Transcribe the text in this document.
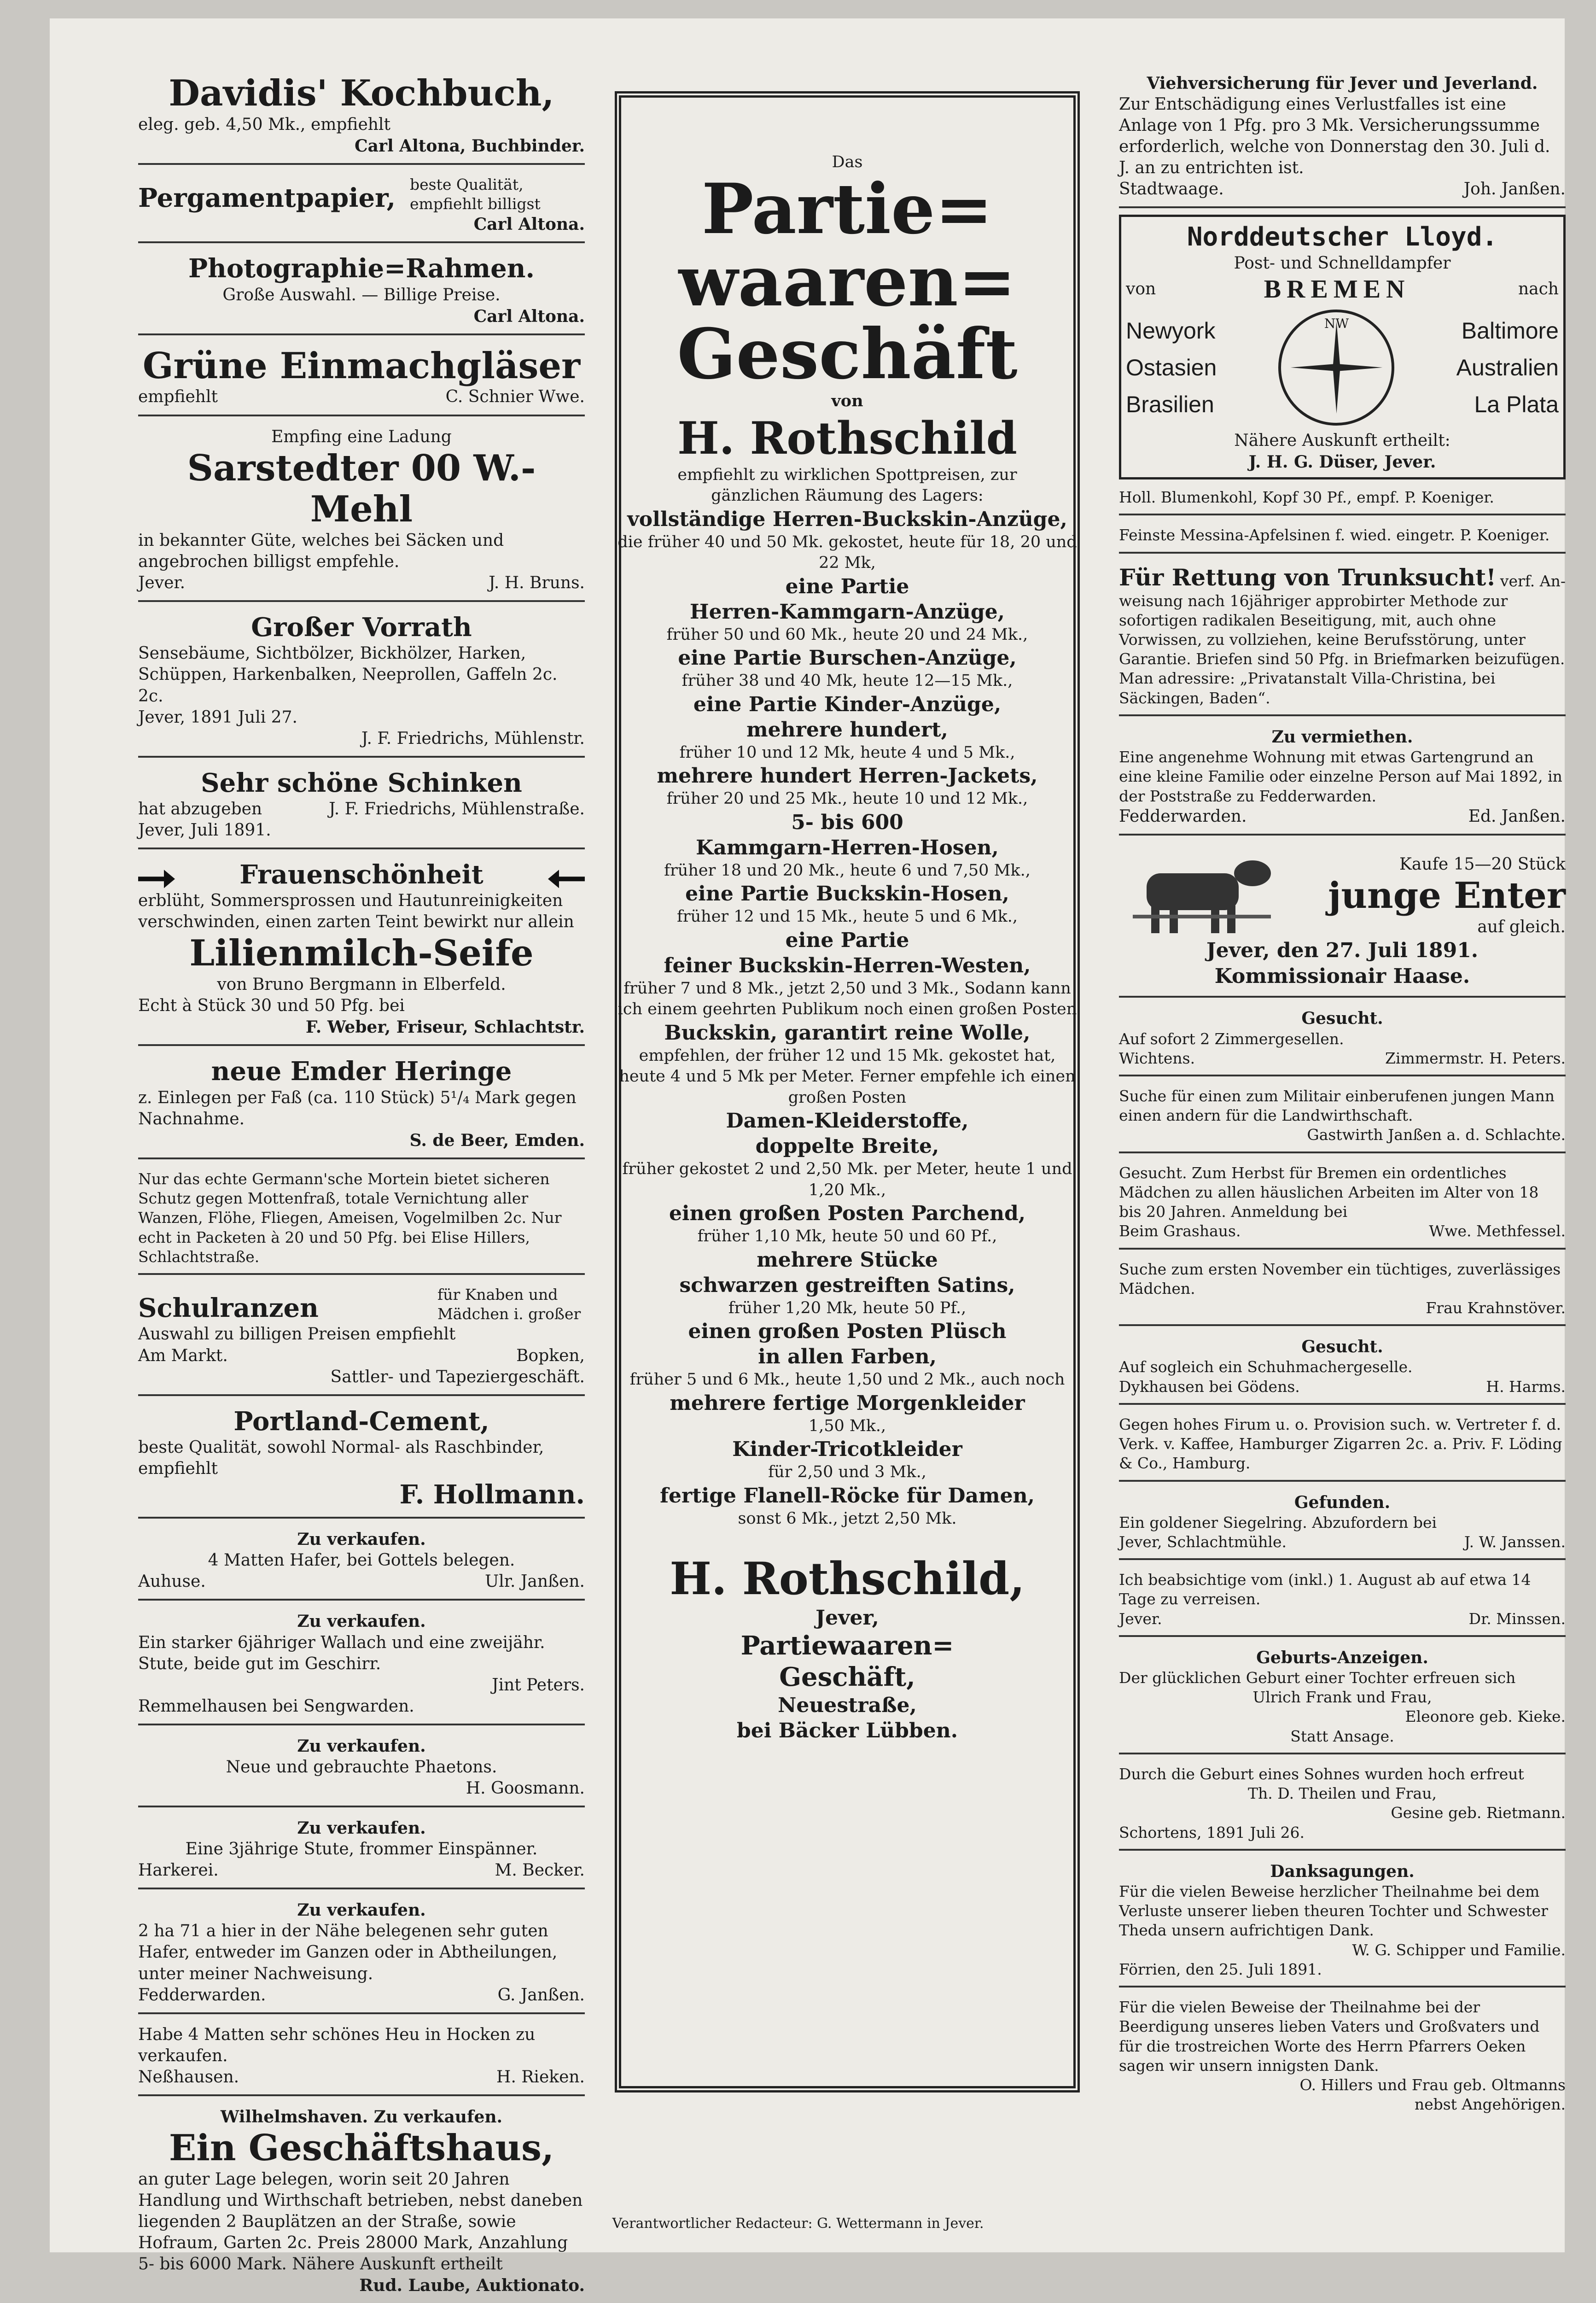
Davidis' Kochbuch,
eleg. geb. 4,50 Mk., empfiehlt
Carl Altona, Buchbinder.
Pergamentpapier, beste Qualität, empfiehlt billigst
Carl Altona.
Photographie=Rahmen.
Große Auswahl. — Billige Preise.
Carl Altona.
Grüne Einmachgläser
empfiehlt	C. Schnier Wwe.
Empfing eine Ladung
Sarstedter 00 W.-Mehl
in bekannter Güte, welches bei Säcken und angebrochen billigst empfehle.
Jever.	J. H. Bruns.
Großer Vorrath
Sensebäume, Sichtbölzer, Bickhölzer, Harken, Schüppen, Harkenbalken, Neeprollen, Gaffeln 2c. 2c.
Jever, 1891 Juli 27.
J. F. Friedrichs, Mühlenstr.
Sehr schöne Schinken
hat abzugeben	J. F. Friedrichs, Mühlenstraße.
Jever, Juli 1891.
Frauenschönheit
erblüht, Sommersprossen und Hautunreinigkeiten verschwinden, einen zarten Teint bewirkt nur allein
Lilienmilch-Seife
von Bruno Bergmann in Elberfeld.
Echt à Stück 30 und 50 Pfg. bei
F. Weber, Friseur, Schlachtstr.
neue Emder Heringe
z. Einlegen per Faß (ca. 110 Stück) 5¹/₄ Mark gegen Nachnahme.
S. de Beer, Emden.
Nur das echte Germann'sche Mortein bietet sicheren Schutz gegen Mottenfraß, totale Vernichtung aller Wanzen, Flöhe, Fliegen, Ameisen, Vogelmilben 2c. Nur echt in Packeten à 20 und 50 Pfg. bei Elise Hillers, Schlachtstraße.
Schulranzen	für Knaben und Mädchen i. großer
Auswahl zu billigen Preisen empfiehlt
Am Markt.	Bopken,
Sattler- und Tapeziergeschäft.
Portland-Cement,
beste Qualität, sowohl Normal- als Raschbinder, empfiehlt
F. Hollmann.
Zu verkaufen.
4 Matten Hafer, bei Gottels belegen.
Auhuse.	Ulr. Janßen.
Zu verkaufen.
Ein starker 6jähriger Wallach und eine zweijähr. Stute, beide gut im Geschirr.
Jint Peters.
Remmelhausen bei Sengwarden.
Zu verkaufen.
Neue und gebrauchte Phaetons.
H. Goosmann.
Zu verkaufen.
Eine 3jährige Stute, frommer Einspänner.
Harkerei.	M. Becker.
Zu verkaufen.
2 ha 71 a hier in der Nähe belegenen sehr guten Hafer, entweder im Ganzen oder in Abtheilungen, unter meiner Nachweisung.
Fedderwarden.	G. Janßen.
Habe 4 Matten sehr schönes Heu in Hocken zu verkaufen.
Neßhausen.	H. Rieken.
Wilhelmshaven. Zu verkaufen.
Ein Geschäftshaus,
an guter Lage belegen, worin seit 20 Jahren Handlung und Wirthschaft betrieben, nebst daneben liegenden 2 Bauplätzen an der Straße, sowie Hofraum, Garten 2c. Preis 28000 Mark, Anzahlung 5- bis 6000 Mark. Nähere Auskunft ertheilt
Rud. Laube, Auktionato.
Das
Partie=
waaren=
Geschäft
von
H. Rothschild
empfiehlt zu wirklichen Spottpreisen, zur gänzlichen Räumung des Lagers:
vollständige Herren-Buckskin-Anzüge,
die früher 40 und 50 Mk. gekostet, heute für 18, 20 und 22 Mk,
eine Partie
Herren-Kammgarn-Anzüge,
früher 50 und 60 Mk., heute 20 und 24 Mk.,
eine Partie Burschen-Anzüge,
früher 38 und 40 Mk, heute 12—15 Mk.,
eine Partie Kinder-Anzüge,
mehrere hundert,
früher 10 und 12 Mk, heute 4 und 5 Mk.,
mehrere hundert Herren-Jackets,
früher 20 und 25 Mk., heute 10 und 12 Mk.,
5- bis 600
Kammgarn-Herren-Hosen,
früher 18 und 20 Mk., heute 6 und 7,50 Mk.,
eine Partie Buckskin-Hosen,
früher 12 und 15 Mk., heute 5 und 6 Mk.,
eine Partie
feiner Buckskin-Herren-Westen,
früher 7 und 8 Mk., jetzt 2,50 und 3 Mk., Sodann kann ich einem geehrten Publikum noch einen großen Posten
Buckskin, garantirt reine Wolle,
empfehlen, der früher 12 und 15 Mk. gekostet hat, heute 4 und 5 Mk per Meter. Ferner empfehle ich einen großen Posten
Damen-Kleiderstoffe,
doppelte Breite,
früher gekostet 2 und 2,50 Mk. per Meter, heute 1 und 1,20 Mk.,
einen großen Posten Parchend,
früher 1,10 Mk, heute 50 und 60 Pf.,
mehrere Stücke
schwarzen gestreiften Satins,
früher 1,20 Mk, heute 50 Pf.,
einen großen Posten Plüsch
in allen Farben,
früher 5 und 6 Mk., heute 1,50 und 2 Mk., auch noch
mehrere fertige Morgenkleider
1,50 Mk.,
Kinder-Tricotkleider
für 2,50 und 3 Mk.,
fertige Flanell-Röcke für Damen,
sonst 6 Mk., jetzt 2,50 Mk.
H. Rothschild,
Jever,
Partiewaaren=
Geschäft,
Neuestraße,
bei Bäcker Lübben.
Viehversicherung für Jever und Jeverland.
Zur Entschädigung eines Verlustfalles ist eine Anlage von 1 Pfg. pro 3 Mk. Versicherungssumme erforderlich, welche von Donnerstag den 30. Juli d. J. an zu entrichten ist.
Stadtwaage.	Joh. Janßen.
Norddeutscher Lloyd.
Post- und Schnelldampfer
von	BREMEN	nach
Newyork
Ostasien
Brasilien
NW	Baltimore
Australien
La Plata
Nähere Auskunft ertheilt:
J. H. G. Düser, Jever.
Holl. Blumenkohl, Kopf 30 Pf., empf. P. Koeniger.
Feinste Messina-Apfelsinen f. wied. eingetr. P. Koeniger.
Für Rettung von Trunksucht! verf. An-
weisung nach 16jähriger approbirter Methode zur sofortigen radikalen Beseitigung, mit, auch ohne Vorwissen, zu vollziehen, keine Berufsstörung, unter Garantie. Briefen sind 50 Pfg. in Briefmarken beizufügen. Man adressire: „Privatanstalt Villa-Christina, bei Säckingen, Baden“.
Zu vermiethen.
Eine angenehme Wohnung mit etwas Gartengrund an eine kleine Familie oder einzelne Person auf Mai 1892, in der Poststraße zu Fedderwarden.
Fedderwarden.	Ed. Janßen.
Kaufe 15—20 Stück
junge Enter
auf gleich.
Jever, den 27. Juli 1891.
Kommissionair Haase.
Gesucht.
Auf sofort 2 Zimmergesellen.
Wichtens.	Zimmermstr. H. Peters.
Suche für einen zum Militair einberufenen jungen Mann einen andern für die Landwirthschaft.
Gastwirth Janßen a. d. Schlachte.
Gesucht. Zum Herbst für Bremen ein ordentliches Mädchen zu allen häuslichen Arbeiten im Alter von 18 bis 20 Jahren. Anmeldung bei
Beim Grashaus.	Wwe. Methfessel.
Suche zum ersten November ein tüchtiges, zuverlässiges Mädchen.
Frau Krahnstöver.
Gesucht.
Auf sogleich ein Schuhmachergeselle.
Dykhausen bei Gödens.	H. Harms.
Gegen hohes Firum u. o. Provision such. w. Vertreter f. d. Verk. v. Kaffee, Hamburger Zigarren 2c. a. Priv. F. Löding & Co., Hamburg.
Gefunden.
Ein goldener Siegelring. Abzufordern bei
Jever, Schlachtmühle.	J. W. Janssen.
Ich beabsichtige vom (inkl.) 1. August ab auf etwa 14 Tage zu verreisen.
Jever.	Dr. Minssen.
Geburts-Anzeigen.
Der glücklichen Geburt einer Tochter erfreuen sich
Ulrich Frank und Frau,
Eleonore geb. Kieke.
Statt Ansage.
Durch die Geburt eines Sohnes wurden hoch erfreut
Th. D. Theilen und Frau,
Gesine geb. Rietmann.
Schortens, 1891 Juli 26.
Danksagungen.
Für die vielen Beweise herzlicher Theilnahme bei dem Verluste unserer lieben theuren Tochter und Schwester Theda unsern aufrichtigen Dank.
W. G. Schipper und Familie.
Förrien, den 25. Juli 1891.
Für die vielen Beweise der Theilnahme bei der Beerdigung unseres lieben Vaters und Großvaters und für die trostreichen Worte des Herrn Pfarrers Oeken sagen wir unsern innigsten Dank.
O. Hillers und Frau geb. Oltmanns
nebst Angehörigen.
Verantwortlicher Redacteur: G. Wettermann in Jever.
